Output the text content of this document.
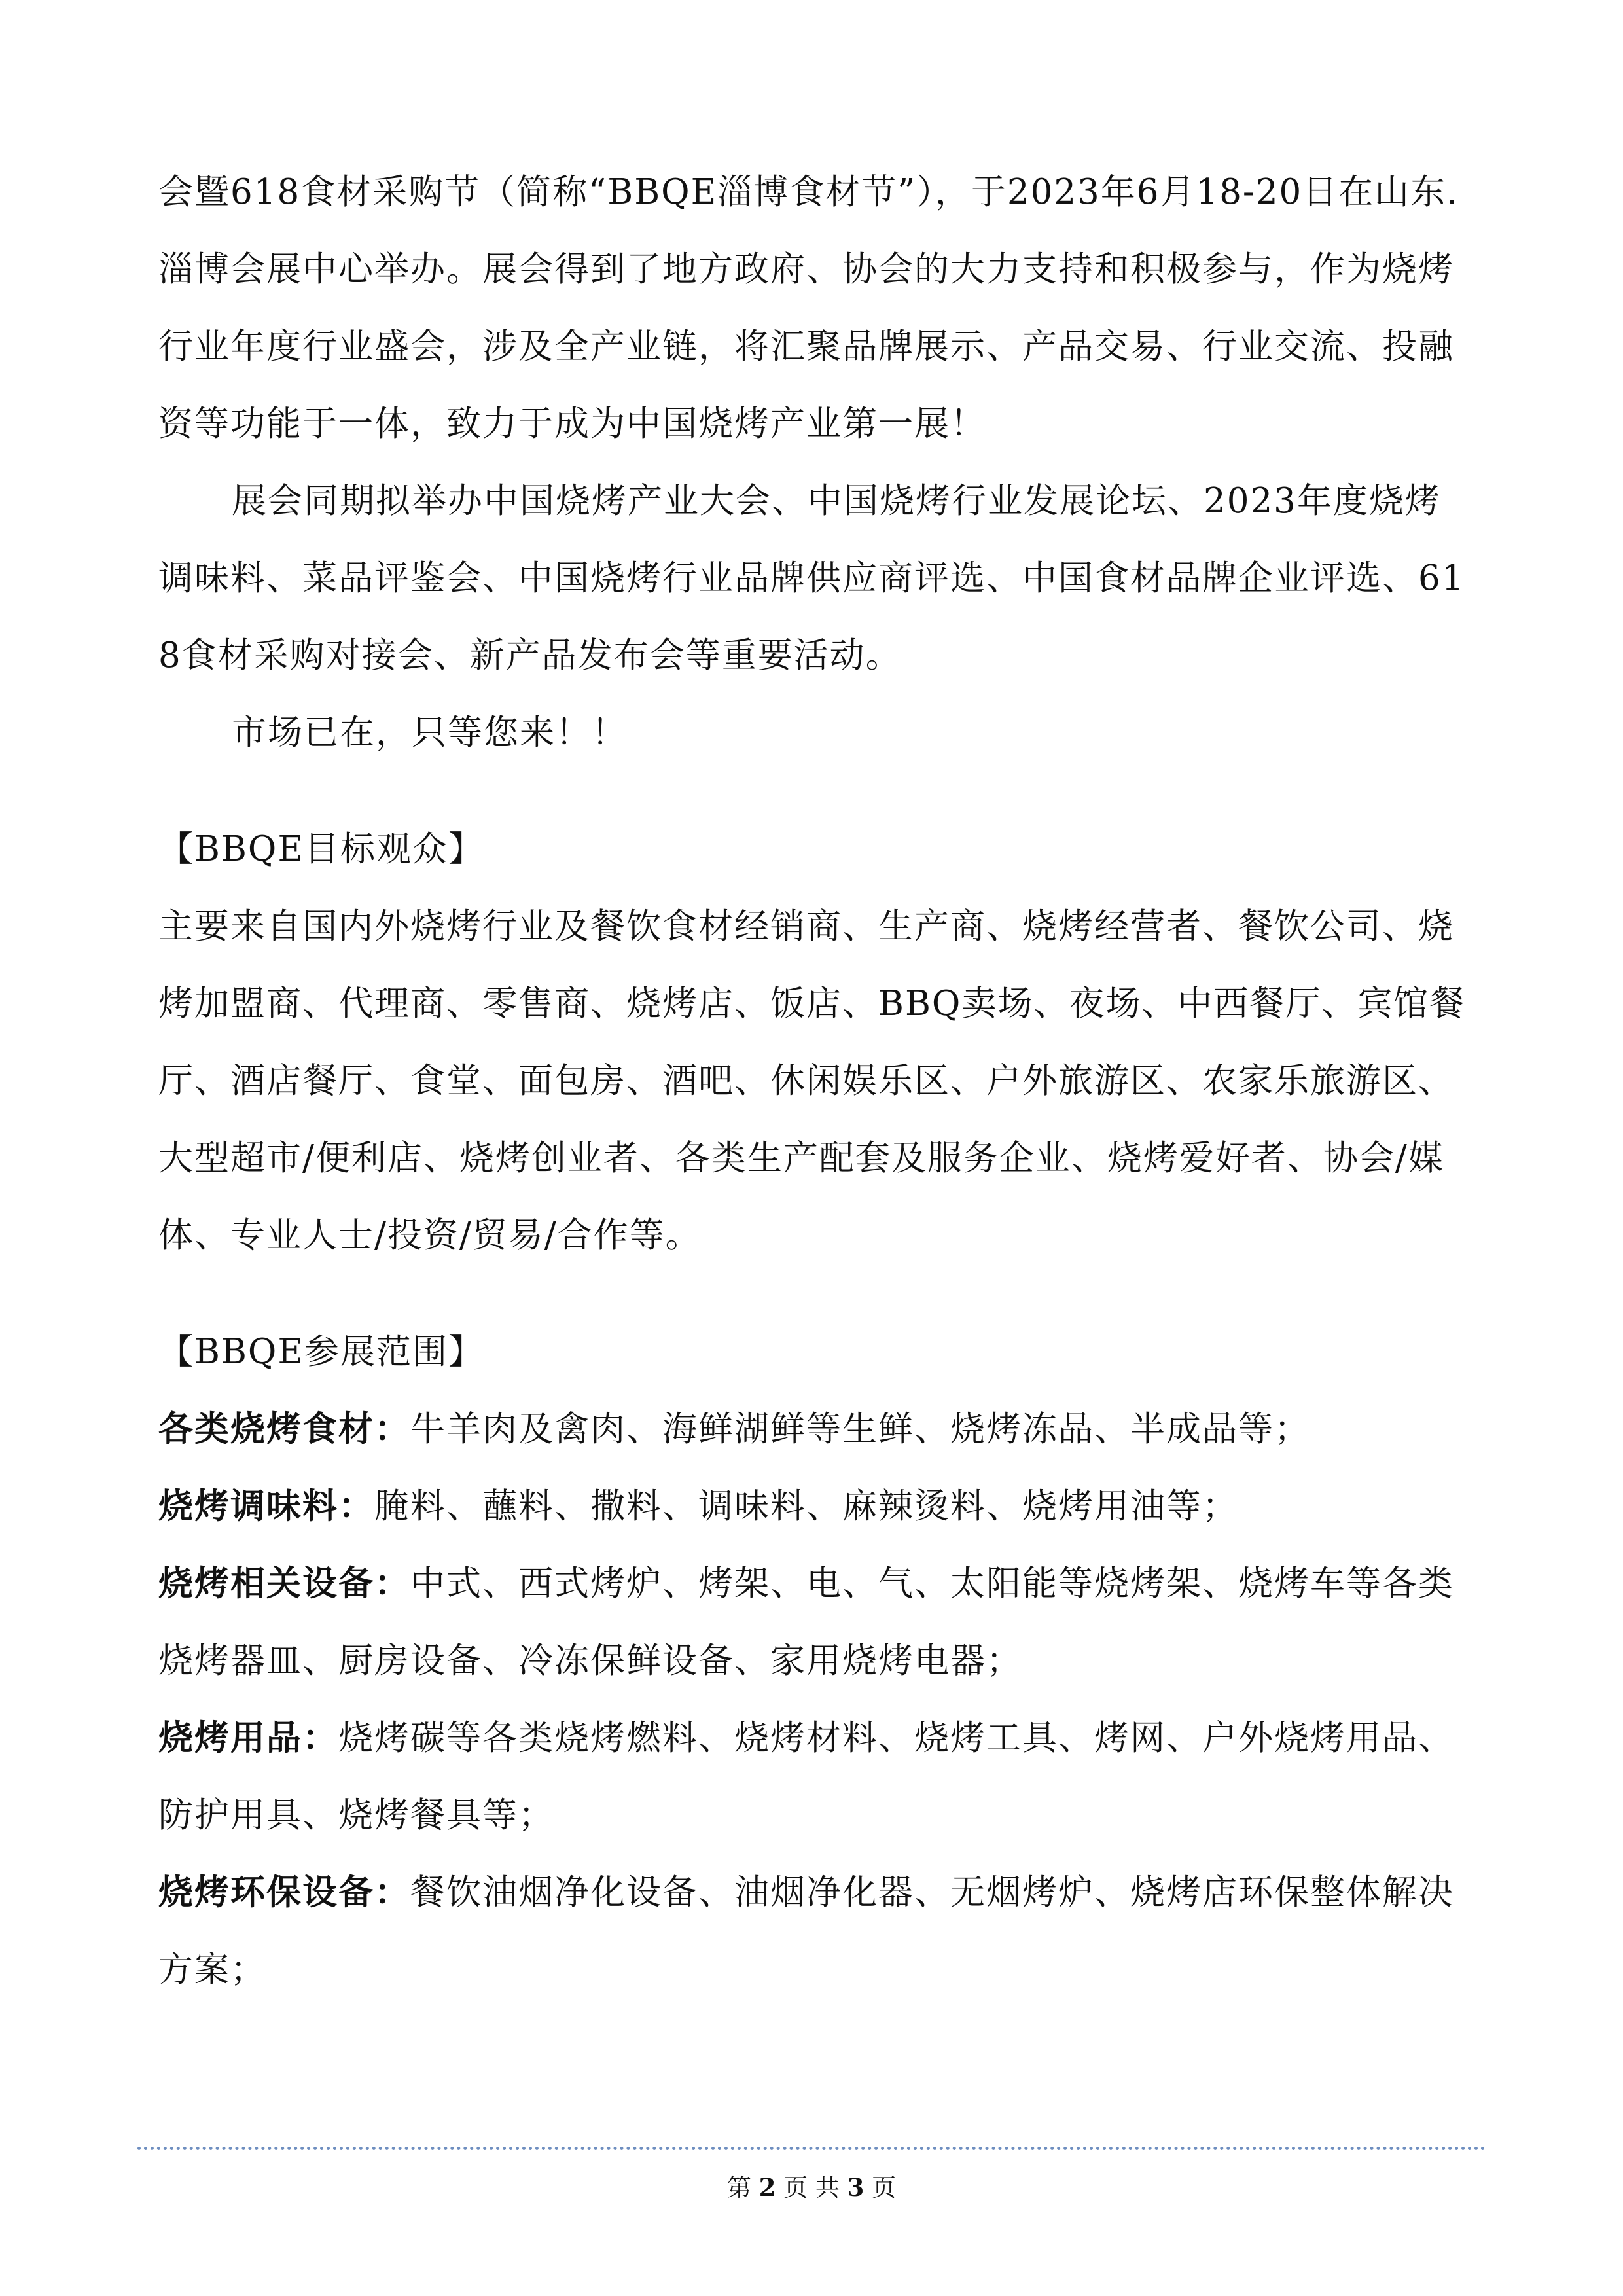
会暨618食材采购节（简称“BBQE淄博食材节”），于2023年6月18-20日在山东.淄博会展中心举办。展会得到了地方政府、协会的大力支持和积极参与，作为烧烤行业年度行业盛会，涉及全产业链，将汇聚品牌展示、产品交易、行业交流、投融资等功能于一体，致力于成为中国烧烤产业第一展！

展会同期拟举办中国烧烤产业大会、中国烧烤行业发展论坛、2023年度烧烤调味料、菜品评鉴会、中国烧烤行业品牌供应商评选、中国食材品牌企业评选、618食材采购对接会、新产品发布会等重要活动。

市场已在，只等您来！！

【BBQE目标观众】

主要来自国内外烧烤行业及餐饮食材经销商、生产商、烧烤经营者、餐饮公司、烧烤加盟商、代理商、零售商、烧烤店、饭店、BBQ卖场、夜场、中西餐厅、宾馆餐厅、酒店餐厅、食堂、面包房、酒吧、休闲娱乐区、户外旅游区、农家乐旅游区、大型超市/便利店、烧烤创业者、各类生产配套及服务企业、烧烤爱好者、协会/媒体、专业人士/投资/贸易/合作等。

【BBQE参展范围】

各类烧烤食材：牛羊肉及禽肉、海鲜湖鲜等生鲜、烧烤冻品、半成品等；

烧烤调味料：腌料、蘸料、撒料、调味料、麻辣烫料、烧烤用油等；

烧烤相关设备：中式、西式烤炉、烤架、电、气、太阳能等烧烤架、烧烤车等各类烧烤器皿、厨房设备、冷冻保鲜设备、家用烧烤电器；

烧烤用品：烧烤碳等各类烧烤燃料、烧烤材料、烧烤工具、烤网、户外烧烤用品、防护用具、烧烤餐具等；

烧烤环保设备：餐饮油烟净化设备、油烟净化器、无烟烤炉、烧烤店环保整体解决方案；

第 2 页 共 3 页
